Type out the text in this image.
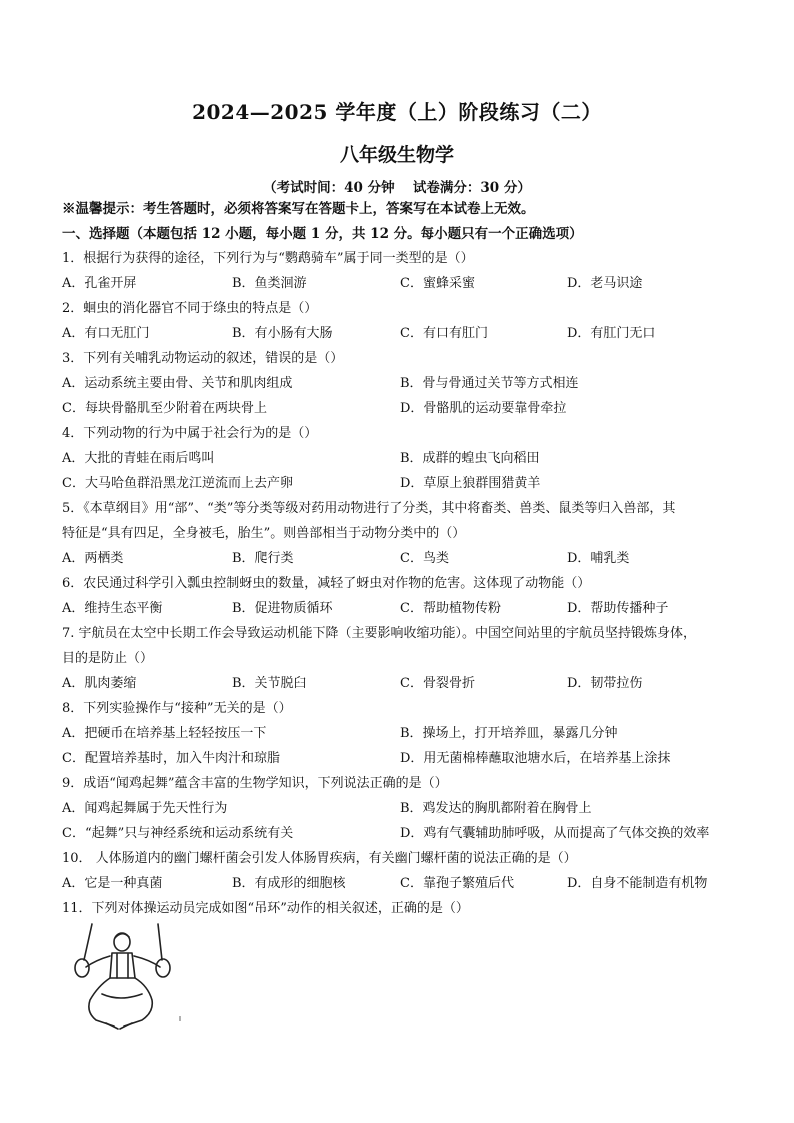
2024—2025 学年度（上）阶段练习（二）
八年级生物学
（考试时间：40 分钟　 试卷满分：30 分）
※温馨提示：考生答题时，必须将答案写在答题卡上，答案写在本试卷上无效。
一、选择题（本题包括 12 小题，每小题 1 分，共 12 分。每小题只有一个正确选项）
1．根据行为获得的途径，下列行为与“鹦鹉骑车”属于同一类型的是（）
A．孔雀开屏	B．鱼类洄游	C．蜜蜂采蜜	D．老马识途
2．蛔虫的消化器官不同于绦虫的特点是（）
A．有口无肛门	B．有小肠有大肠	C．有口有肛门	D．有肛门无口
3．下列有关哺乳动物运动的叙述，错误的是（）
A．运动系统主要由骨、关节和肌肉组成	B．骨与骨通过关节等方式相连
C．每块骨骼肌至少附着在两块骨上	D．骨骼肌的运动要靠骨牵拉
4．下列动物的行为中属于社会行为的是（）
A．大批的青蛙在雨后鸣叫	B．成群的蝗虫飞向稻田
C．大马哈鱼群沿黑龙江逆流而上去产卵	D．草原上狼群围猎黄羊
5．《本草纲目》用“部”、“类”等分类等级对药用动物进行了分类，其中将畜类、兽类、鼠类等归入兽部，其
特征是“具有四足，全身被毛，胎生”。则兽部相当于动物分类中的（）
A．两栖类	B．爬行类	C．鸟类	D．哺乳类
6．农民通过科学引入瓢虫控制蚜虫的数量，减轻了蚜虫对作物的危害。这体现了动物能（）
A．维持生态平衡	B．促进物质循环	C．帮助植物传粉	D．帮助传播种子
7. 宇航员在太空中长期工作会导致运动机能下降（主要影响收缩功能）。中国空间站里的宇航员坚持锻炼身体，
目的是防止（）
A．肌肉萎缩	B．关节脱臼	C．骨裂骨折	D．韧带拉伤
8．下列实验操作与“接种”无关的是（）
A．把硬币在培养基上轻轻按压一下	B．操场上，打开培养皿，暴露几分钟
C．配置培养基时，加入牛肉汁和琼脂	D．用无菌棉棒蘸取池塘水后，在培养基上涂抹
9．成语“闻鸡起舞”蕴含丰富的生物学知识，下列说法正确的是（）
A．闻鸡起舞属于先天性行为	B．鸡发达的胸肌都附着在胸骨上
C．“起舞”只与神经系统和运动系统有关	D．鸡有气囊辅助肺呼吸，从而提高了气体交换的效率
10． 人体肠道内的幽门螺杆菌会引发人体肠胃疾病，有关幽门螺杆菌的说法正确的是（）
A．它是一种真菌	B．有成形的细胞核	C．靠孢子繁殖后代	D．自身不能制造有机物
11．下列对体操运动员完成如图“吊环”动作的相关叙述，正确的是（）
